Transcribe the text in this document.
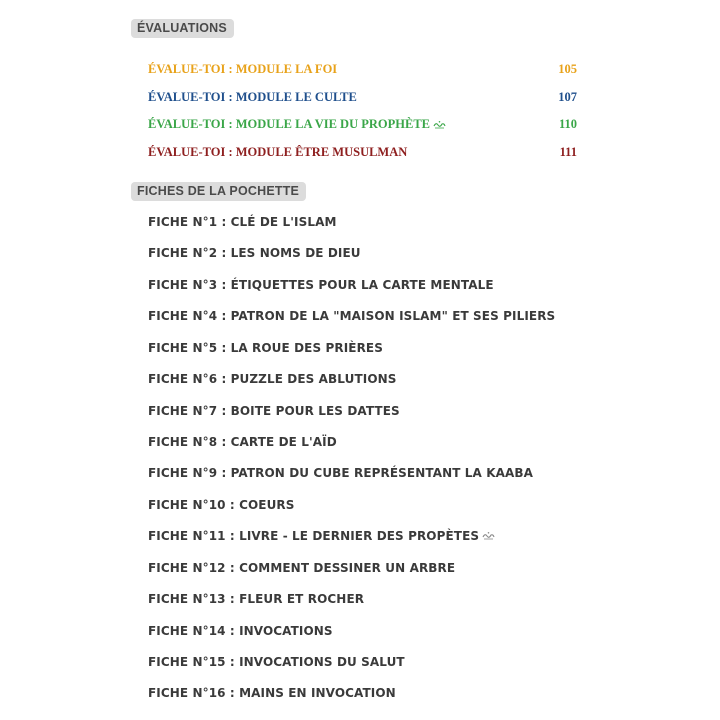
ÉVALUATIONS
ÉVALUE-TOI : MODULE LA FOI	105
ÉVALUE-TOI : MODULE LE CULTE	107
ÉVALUE-TOI : MODULE LA VIE DU PROPHÈTE	110
ÉVALUE-TOI : MODULE ÊTRE MUSULMAN	111
FICHES DE LA POCHETTE
FICHE N°1 : CLÉ DE L'ISLAM
FICHE N°2 : LES NOMS DE DIEU
FICHE N°3 : ÉTIQUETTES POUR LA CARTE MENTALE
FICHE N°4 : PATRON DE LA "MAISON ISLAM" ET SES PILIERS
FICHE N°5 : LA ROUE DES PRIÈRES
FICHE N°6 : PUZZLE DES ABLUTIONS
FICHE N°7 : BOITE POUR LES DATTES
FICHE N°8 : CARTE DE L'AÏD
FICHE N°9 : PATRON DU CUBE REPRÉSENTANT LA KAABA
FICHE N°10 : COEURS
FICHE N°11 : LIVRE - LE DERNIER DES PROPÈTES
FICHE N°12 : COMMENT DESSINER UN ARBRE
FICHE N°13 : FLEUR ET ROCHER
FICHE N°14 : INVOCATIONS
FICHE N°15 : INVOCATIONS DU SALUT
FICHE N°16 : MAINS EN INVOCATION
